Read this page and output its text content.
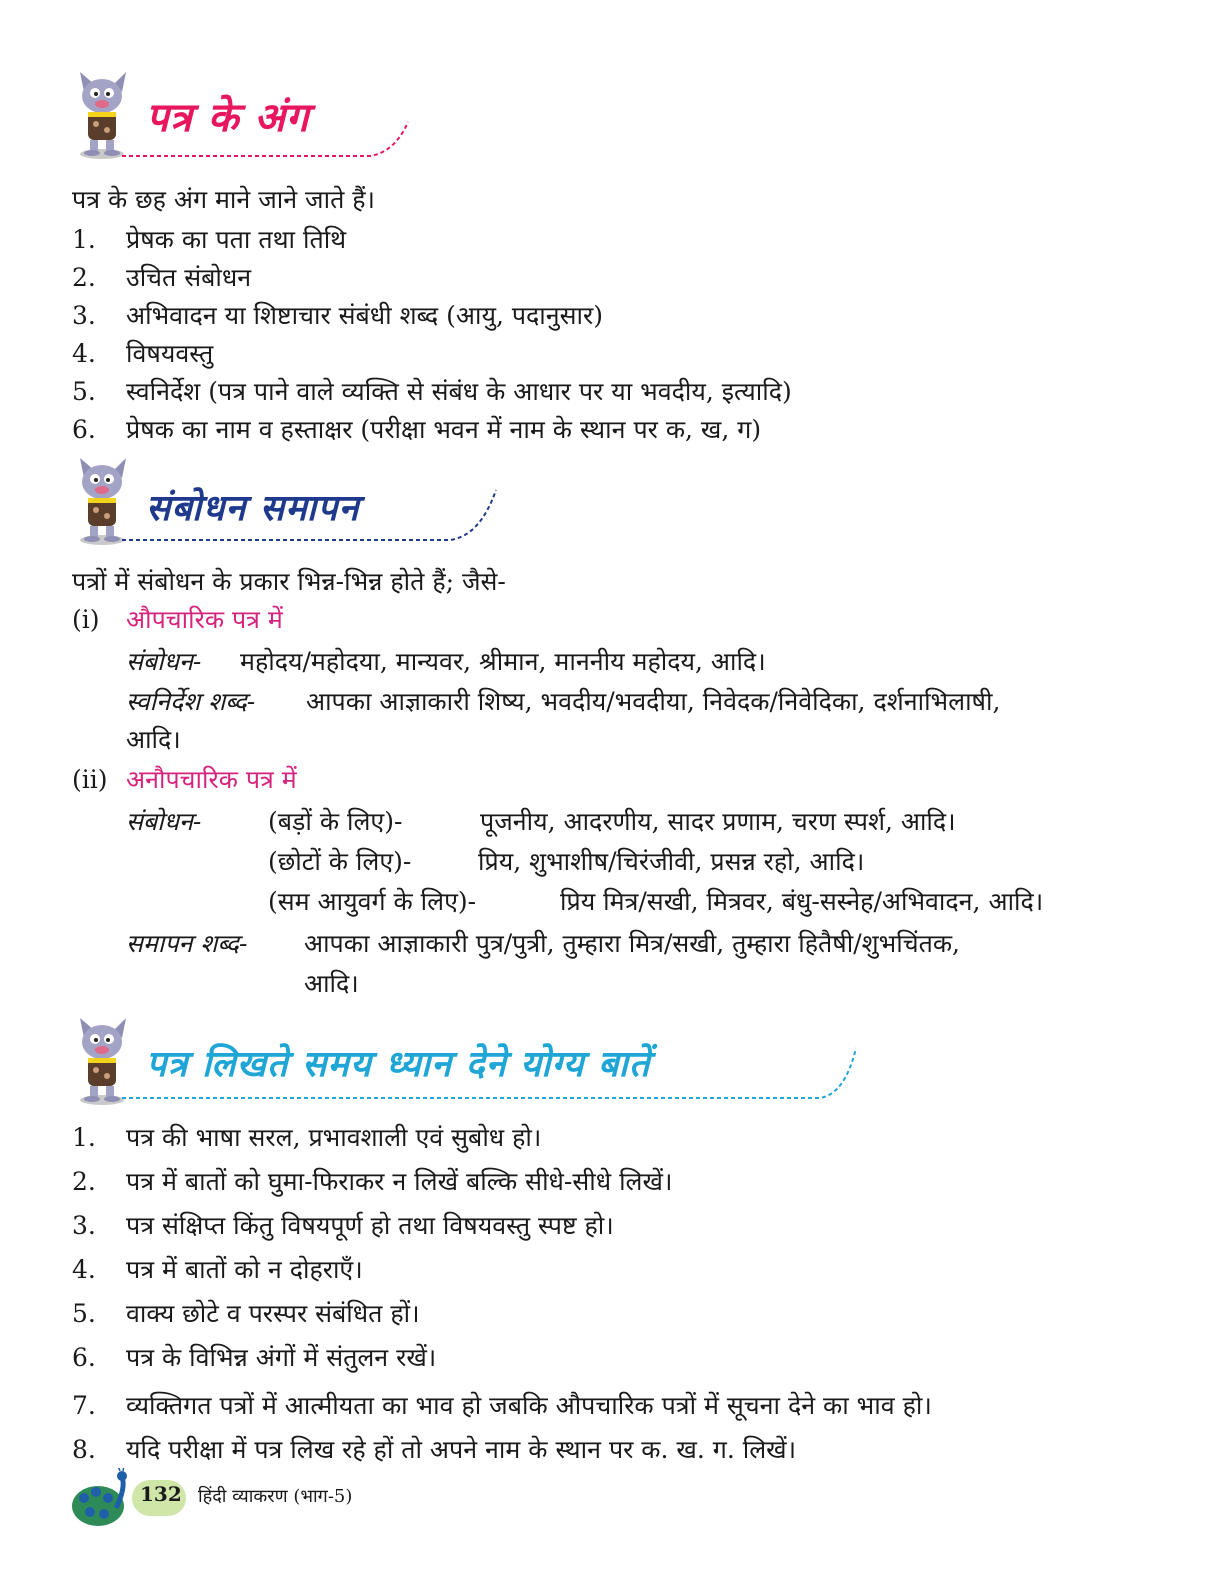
पत्र के अंग
पत्र के छह अंग माने जाने जाते हैं।
1. प्रेषक का पता तथा तिथि
2. उचित संबोधन
3. अभिवादन या शिष्टाचार संबंधी शब्द (आयु, पदानुसार)
4. विषयवस्तु
5. स्वनिर्देश (पत्र पाने वाले व्यक्ति से संबंध के आधार पर या भवदीय, इत्यादि)
6. प्रेषक का नाम व हस्ताक्षर (परीक्षा भवन में नाम के स्थान पर क, ख, ग)
संबोधन समापन
पत्रों में संबोधन के प्रकार भिन्न-भिन्न होते हैं; जैसे-
(i) औपचारिक पत्र में
संबोधन- महोदय/महोदया, मान्यवर, श्रीमान, माननीय महोदय, आदि।
स्वनिर्देश शब्द- आपका आज्ञाकारी शिष्य, भवदीय/भवदीया, निवेदक/निवेदिका, दर्शनाभिलाषी,
आदि।
(ii) अनौपचारिक पत्र में
संबोधन-	(बड़ों के लिए)-	पूजनीय, आदरणीय, सादर प्रणाम, चरण स्पर्श, आदि।
(छोटों के लिए)-	प्रिय, शुभाशीष/चिरंजीवी, प्रसन्न रहो, आदि।
(सम आयुवर्ग के लिए)-	प्रिय मित्र/सखी, मित्रवर, बंधु-सस्नेह/अभिवादन, आदि।
समापन शब्द- आपका आज्ञाकारी पुत्र/पुत्री, तुम्हारा मित्र/सखी, तुम्हारा हितैषी/शुभचिंतक,
आदि।
पत्र लिखते समय ध्यान देने योग्य बातें
1. पत्र की भाषा सरल, प्रभावशाली एवं सुबोध हो।
2. पत्र में बातों को घुमा-फिराकर न लिखें बल्कि सीधे-सीधे लिखें।
3. पत्र संक्षिप्त किंतु विषयपूर्ण हो तथा विषयवस्तु स्पष्ट हो।
4. पत्र में बातों को न दोहराएँ।
5. वाक्य छोटे व परस्पर संबंधित हों।
6. पत्र के विभिन्न अंगों में संतुलन रखें।
7. व्यक्तिगत पत्रों में आत्मीयता का भाव हो जबकि औपचारिक पत्रों में सूचना देने का भाव हो।
8. यदि परीक्षा में पत्र लिख रहे हों तो अपने नाम के स्थान पर क. ख. ग. लिखें।
132 हिंदी व्याकरण (भाग-5)
